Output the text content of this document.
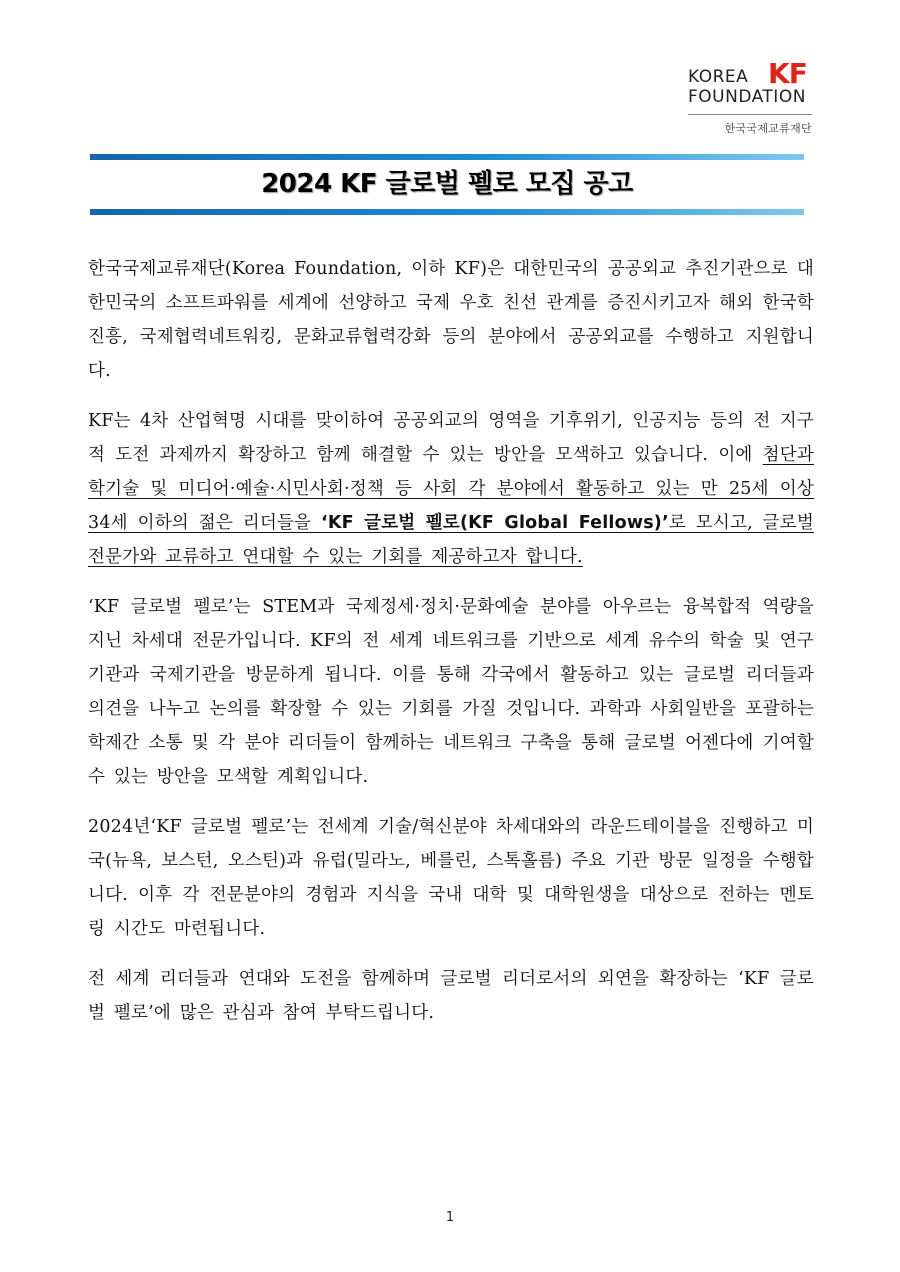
KOREA
FOUNDATION
KF
한국국제교류재단
2024 KF 글로벌 펠로 모집 공고

한국국제교류재단(Korea Foundation, 이하 KF)은 대한민국의 공공외교 추진기관으로 대한민국의 소프트파워를 세계에 선양하고 국제 우호 친선 관계를 증진시키고자 해외 한국학 진흥, 국제협력네트워킹, 문화교류협력강화 등의 분야에서 공공외교를 수행하고 지원합니다.

KF는 4차 산업혁명 시대를 맞이하여 공공외교의 영역을 기후위기, 인공지능 등의 전 지구적 도전 과제까지 확장하고 함께 해결할 수 있는 방안을 모색하고 있습니다. 이에 첨단과학기술 및 미디어·예술·시민사회·정책 등 사회 각 분야에서 활동하고 있는 만 25세 이상 34세 이하의 젊은 리더들을 ‘KF 글로벌 펠로(KF Global Fellows)’로 모시고, 글로벌 전문가와 교류하고 연대할 수 있는 기회를 제공하고자 합니다.

‘KF 글로벌 펠로’는 STEM과 국제정세·정치·문화예술 분야를 아우르는 융복합적 역량을 지닌 차세대 전문가입니다. KF의 전 세계 네트워크를 기반으로 세계 유수의 학술 및 연구 기관과 국제기관을 방문하게 됩니다. 이를 통해 각국에서 활동하고 있는 글로벌 리더들과 의견을 나누고 논의를 확장할 수 있는 기회를 가질 것입니다. 과학과 사회일반을 포괄하는 학제간 소통 및 각 분야 리더들이 함께하는 네트워크 구축을 통해 글로벌 어젠다에 기여할 수 있는 방안을 모색할 계획입니다.

2024년‘KF 글로벌 펠로’는 전세계 기술/혁신분야 차세대와의 라운드테이블을 진행하고 미국(뉴욕, 보스턴, 오스틴)과 유럽(밀라노, 베를린, 스톡홀름) 주요 기관 방문 일정을 수행합니다. 이후 각 전문분야의 경험과 지식을 국내 대학 및 대학원생을 대상으로 전하는 멘토링 시간도 마련됩니다.

전 세계 리더들과 연대와 도전을 함께하며 글로벌 리더로서의 외연을 확장하는 ‘KF 글로벌 펠로’에 많은 관심과 참여 부탁드립니다.

1
